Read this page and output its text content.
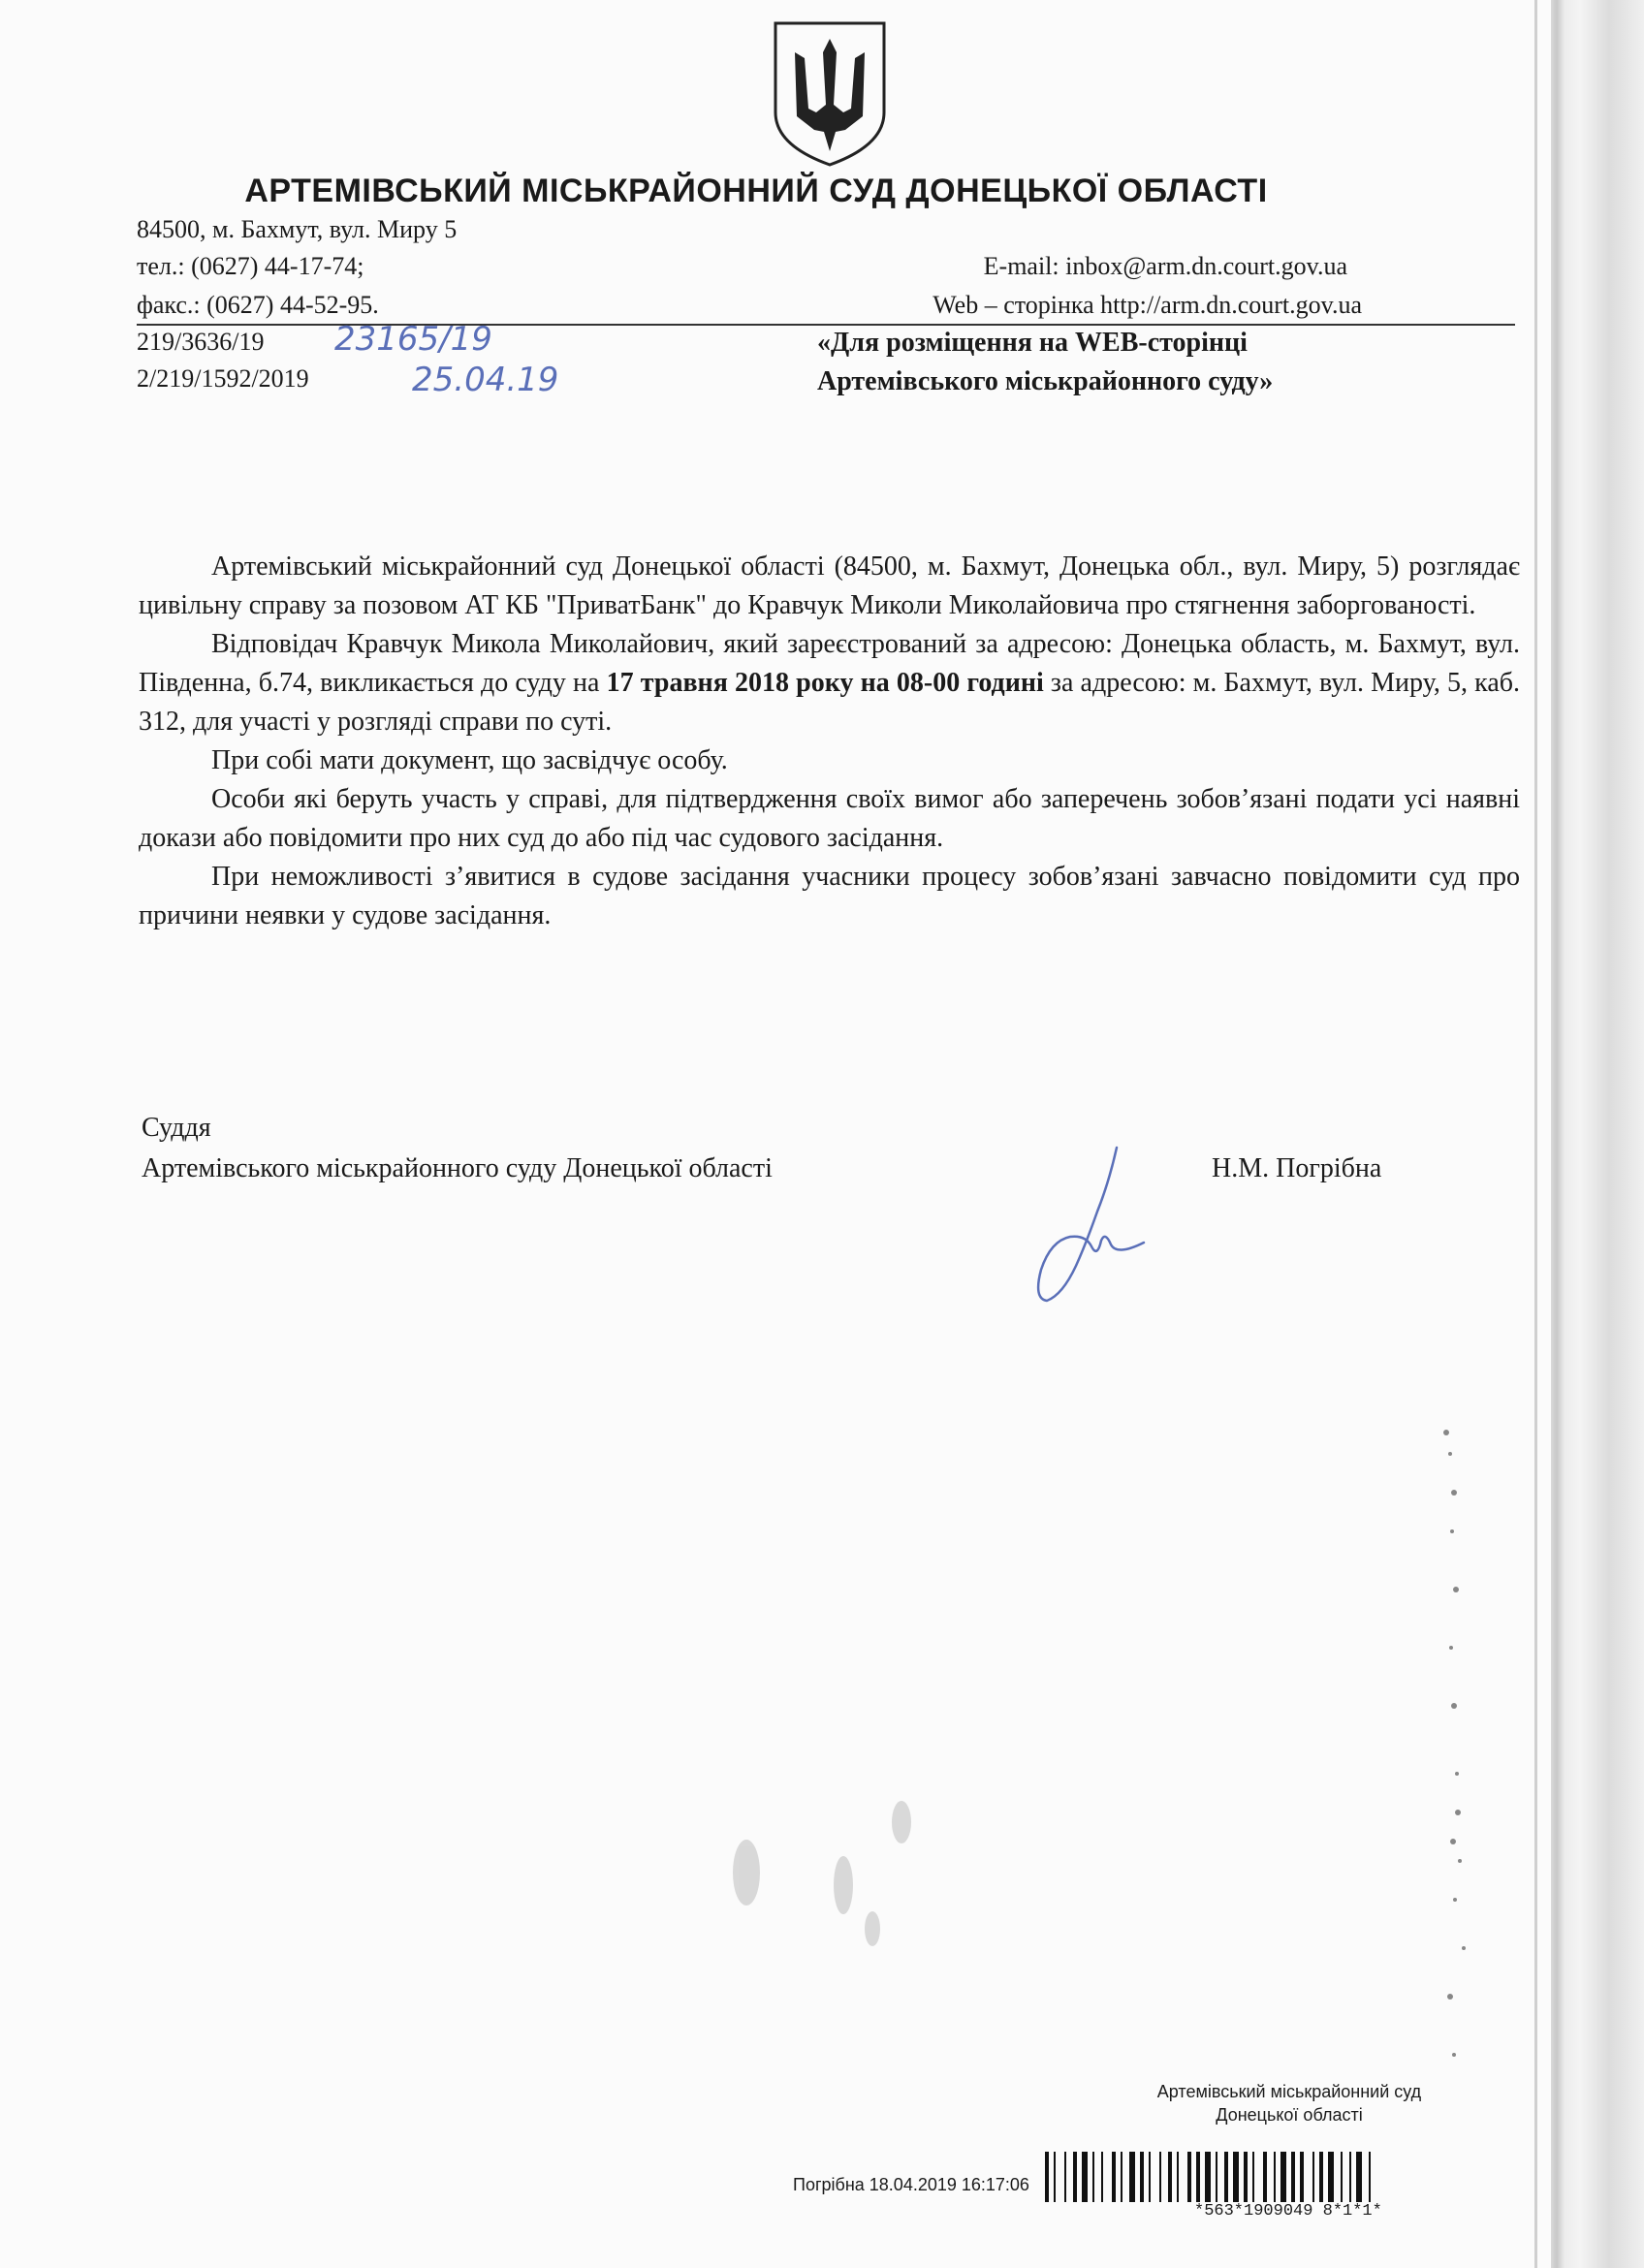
АРТЕМІВСЬКИЙ МІСЬКРАЙОННИЙ СУД ДОНЕЦЬКОЇ ОБЛАСТІ
84500, м. Бахмут, вул. Миру 5
тел.: (0627) 44-17-74;
факс.: (0627) 44-52-95.
E-mail: inbox@arm.dn.court.gov.ua
Web – сторінка http://arm.dn.court.gov.ua
219/3636/19
2/219/1592/2019
23165/19
25.04.19
«Для розміщення на WEB-сторінці
Артемівського міськрайонного суду»

Артемівський міськрайонний суд Донецької області (84500, м. Бахмут, Донецька обл., вул. Миру, 5) розглядає цивільну справу за позовом АТ КБ "ПриватБанк" до Кравчук Миколи Миколайовича про стягнення заборгованості.

Відповідач Кравчук Микола Миколайович, який зареєстрований за адресою: Донецька область, м. Бахмут, вул. Південна, б.74, викликається до суду на 17 травня 2018 року на 08-00 годині за адресою: м. Бахмут, вул. Миру, 5, каб. 312, для участі у розгляді справи по суті.

При собі мати документ, що засвідчує особу.

Особи які беруть участь у справі, для підтвердження своїх вимог або заперечень зобов’язані подати усі наявні докази або повідомити про них суд до або під час судового засідання.

При неможливості з’явитися в судове засідання учасники процесу зобов’язані завчасно повідомити суд про причини неявки у судове засідання.

Суддя
Артемівського міськрайонного суду Донецької області	Н.М. Погрібна
Артемівський міськрайонний суд
Донецької області
Погрібна 18.04.2019 16:17:06
*563*1909049 8*1*1*
